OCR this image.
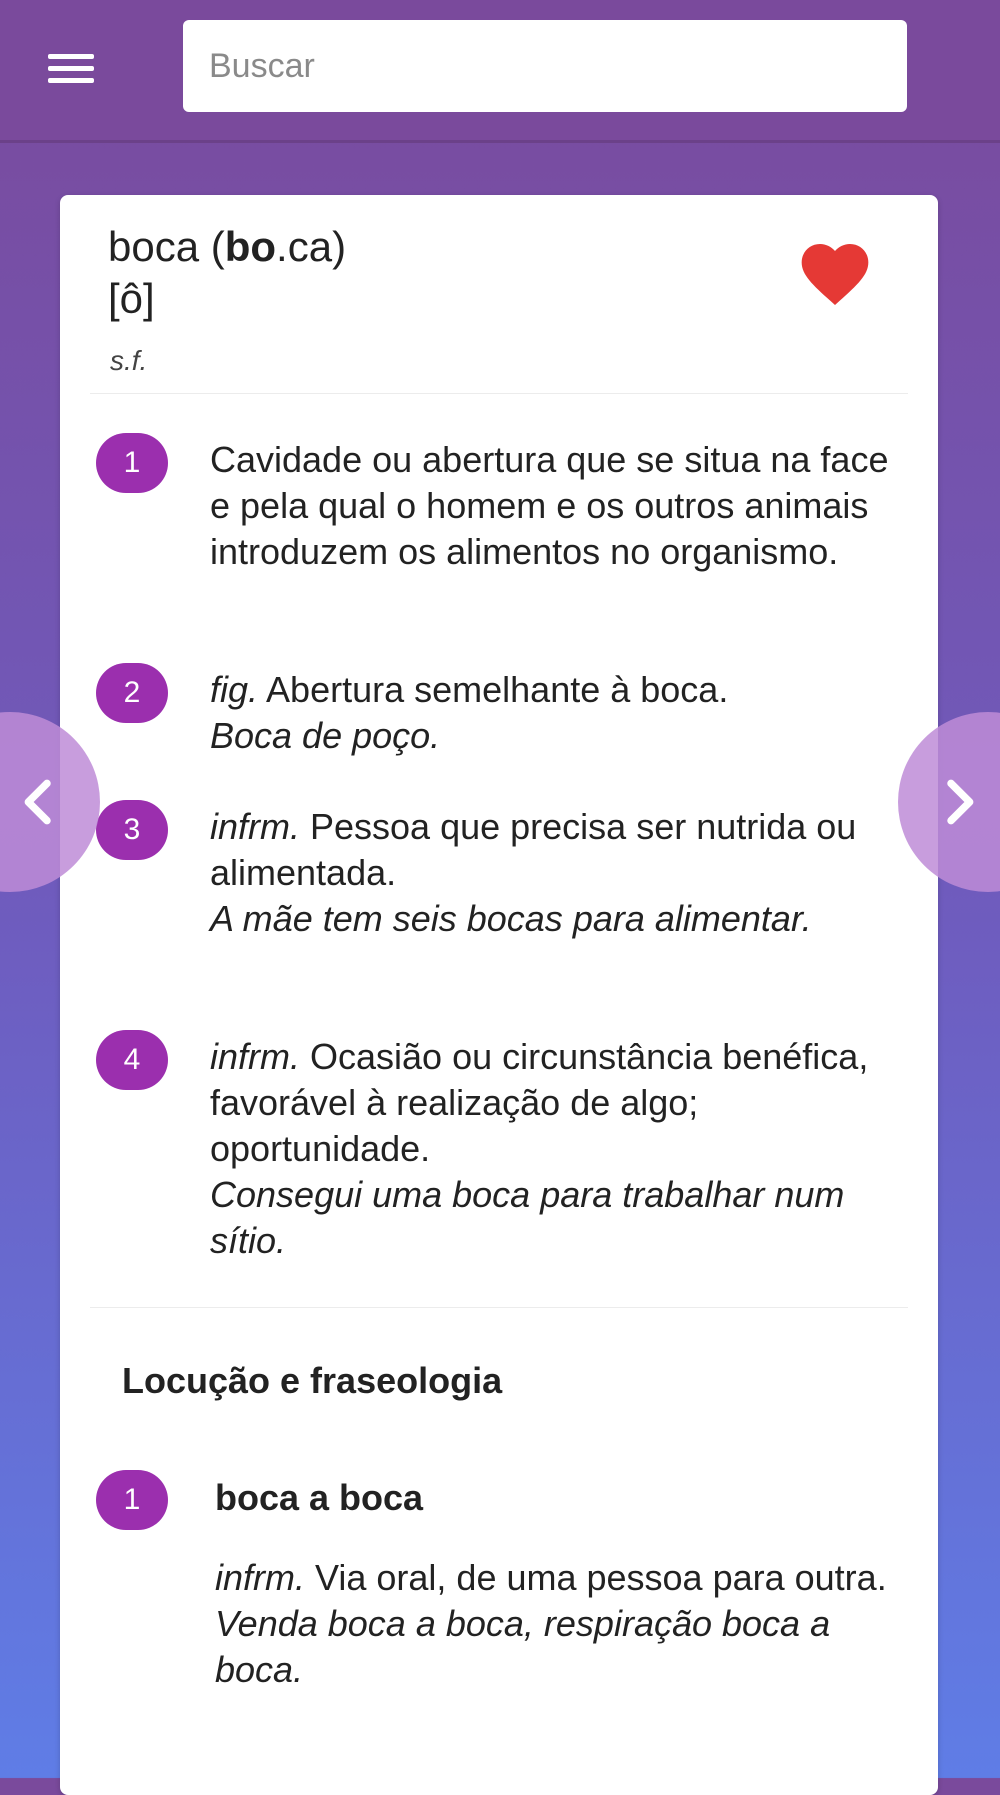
Buscar
boca (bo.ca)
[ô]
s.f.
1	Cavidade ou abertura que se situa na face e pela qual o homem e os outros animais introduzem os alimentos no organismo.
2	fig. Abertura semelhante à boca.
Boca de poço.
3	infrm. Pessoa que precisa ser nutrida ou alimentada.
A mãe tem seis bocas para alimentar.
4	infrm. Ocasião ou circunstância benéfica, favorável à realização de algo; oportunidade.
Consegui uma boca para trabalhar num sítio.
Locução e fraseologia
1	boca a boca
infrm. Via oral, de uma pessoa para outra.
Venda boca a boca, respiração boca a boca.
